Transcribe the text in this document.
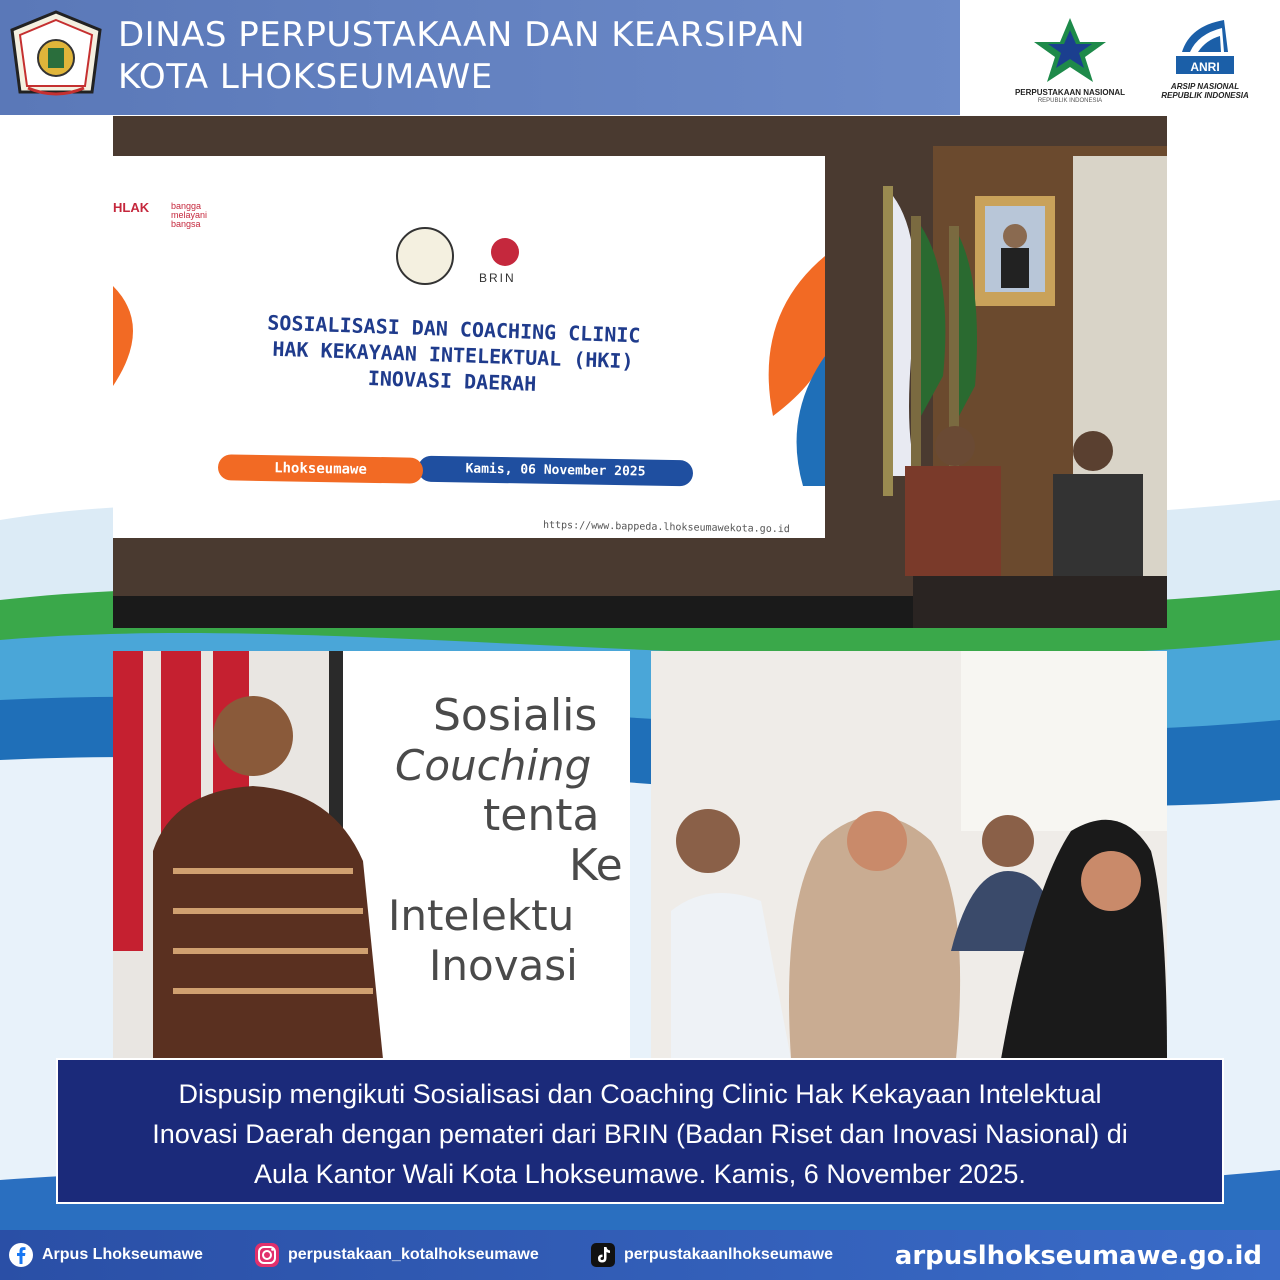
DINAS PERPUSTAKAAN DAN KEARSIPAN
KOTA LHOKSEUMAWE	PERPUSTAKAAN NASIONAL
REPUBLIK INDONESIA
ANRI
ARSIP NASIONAL
REPUBLIK INDONESIA
HLAK bangga
melayani
bangsa
BRIN
SOSIALISASI DAN COACHING CLINIC
HAK KEKAYAAN INTELEKTUAL (HKI)
INOVASI DAERAH
Kamis, 06 November 2025
Lhokseumawe
https://www.bappeda.lhokseumawekota.go.id
Sosialis
Couching
tenta
Ke
Intelektu
Inovasi
Dispusip mengikuti Sosialisasi dan Coaching Clinic Hak Kekayaan Intelektual
Inovasi Daerah dengan pemateri dari BRIN (Badan Riset dan Inovasi Nasional) di
Aula Kantor Wali Kota Lhokseumawe. Kamis, 6 November 2025.
Arpus Lhokseumawe	perpustakaan_kotalhokseumawe	perpustakaanlhokseumawe arpuslhokseumawe.go.id
